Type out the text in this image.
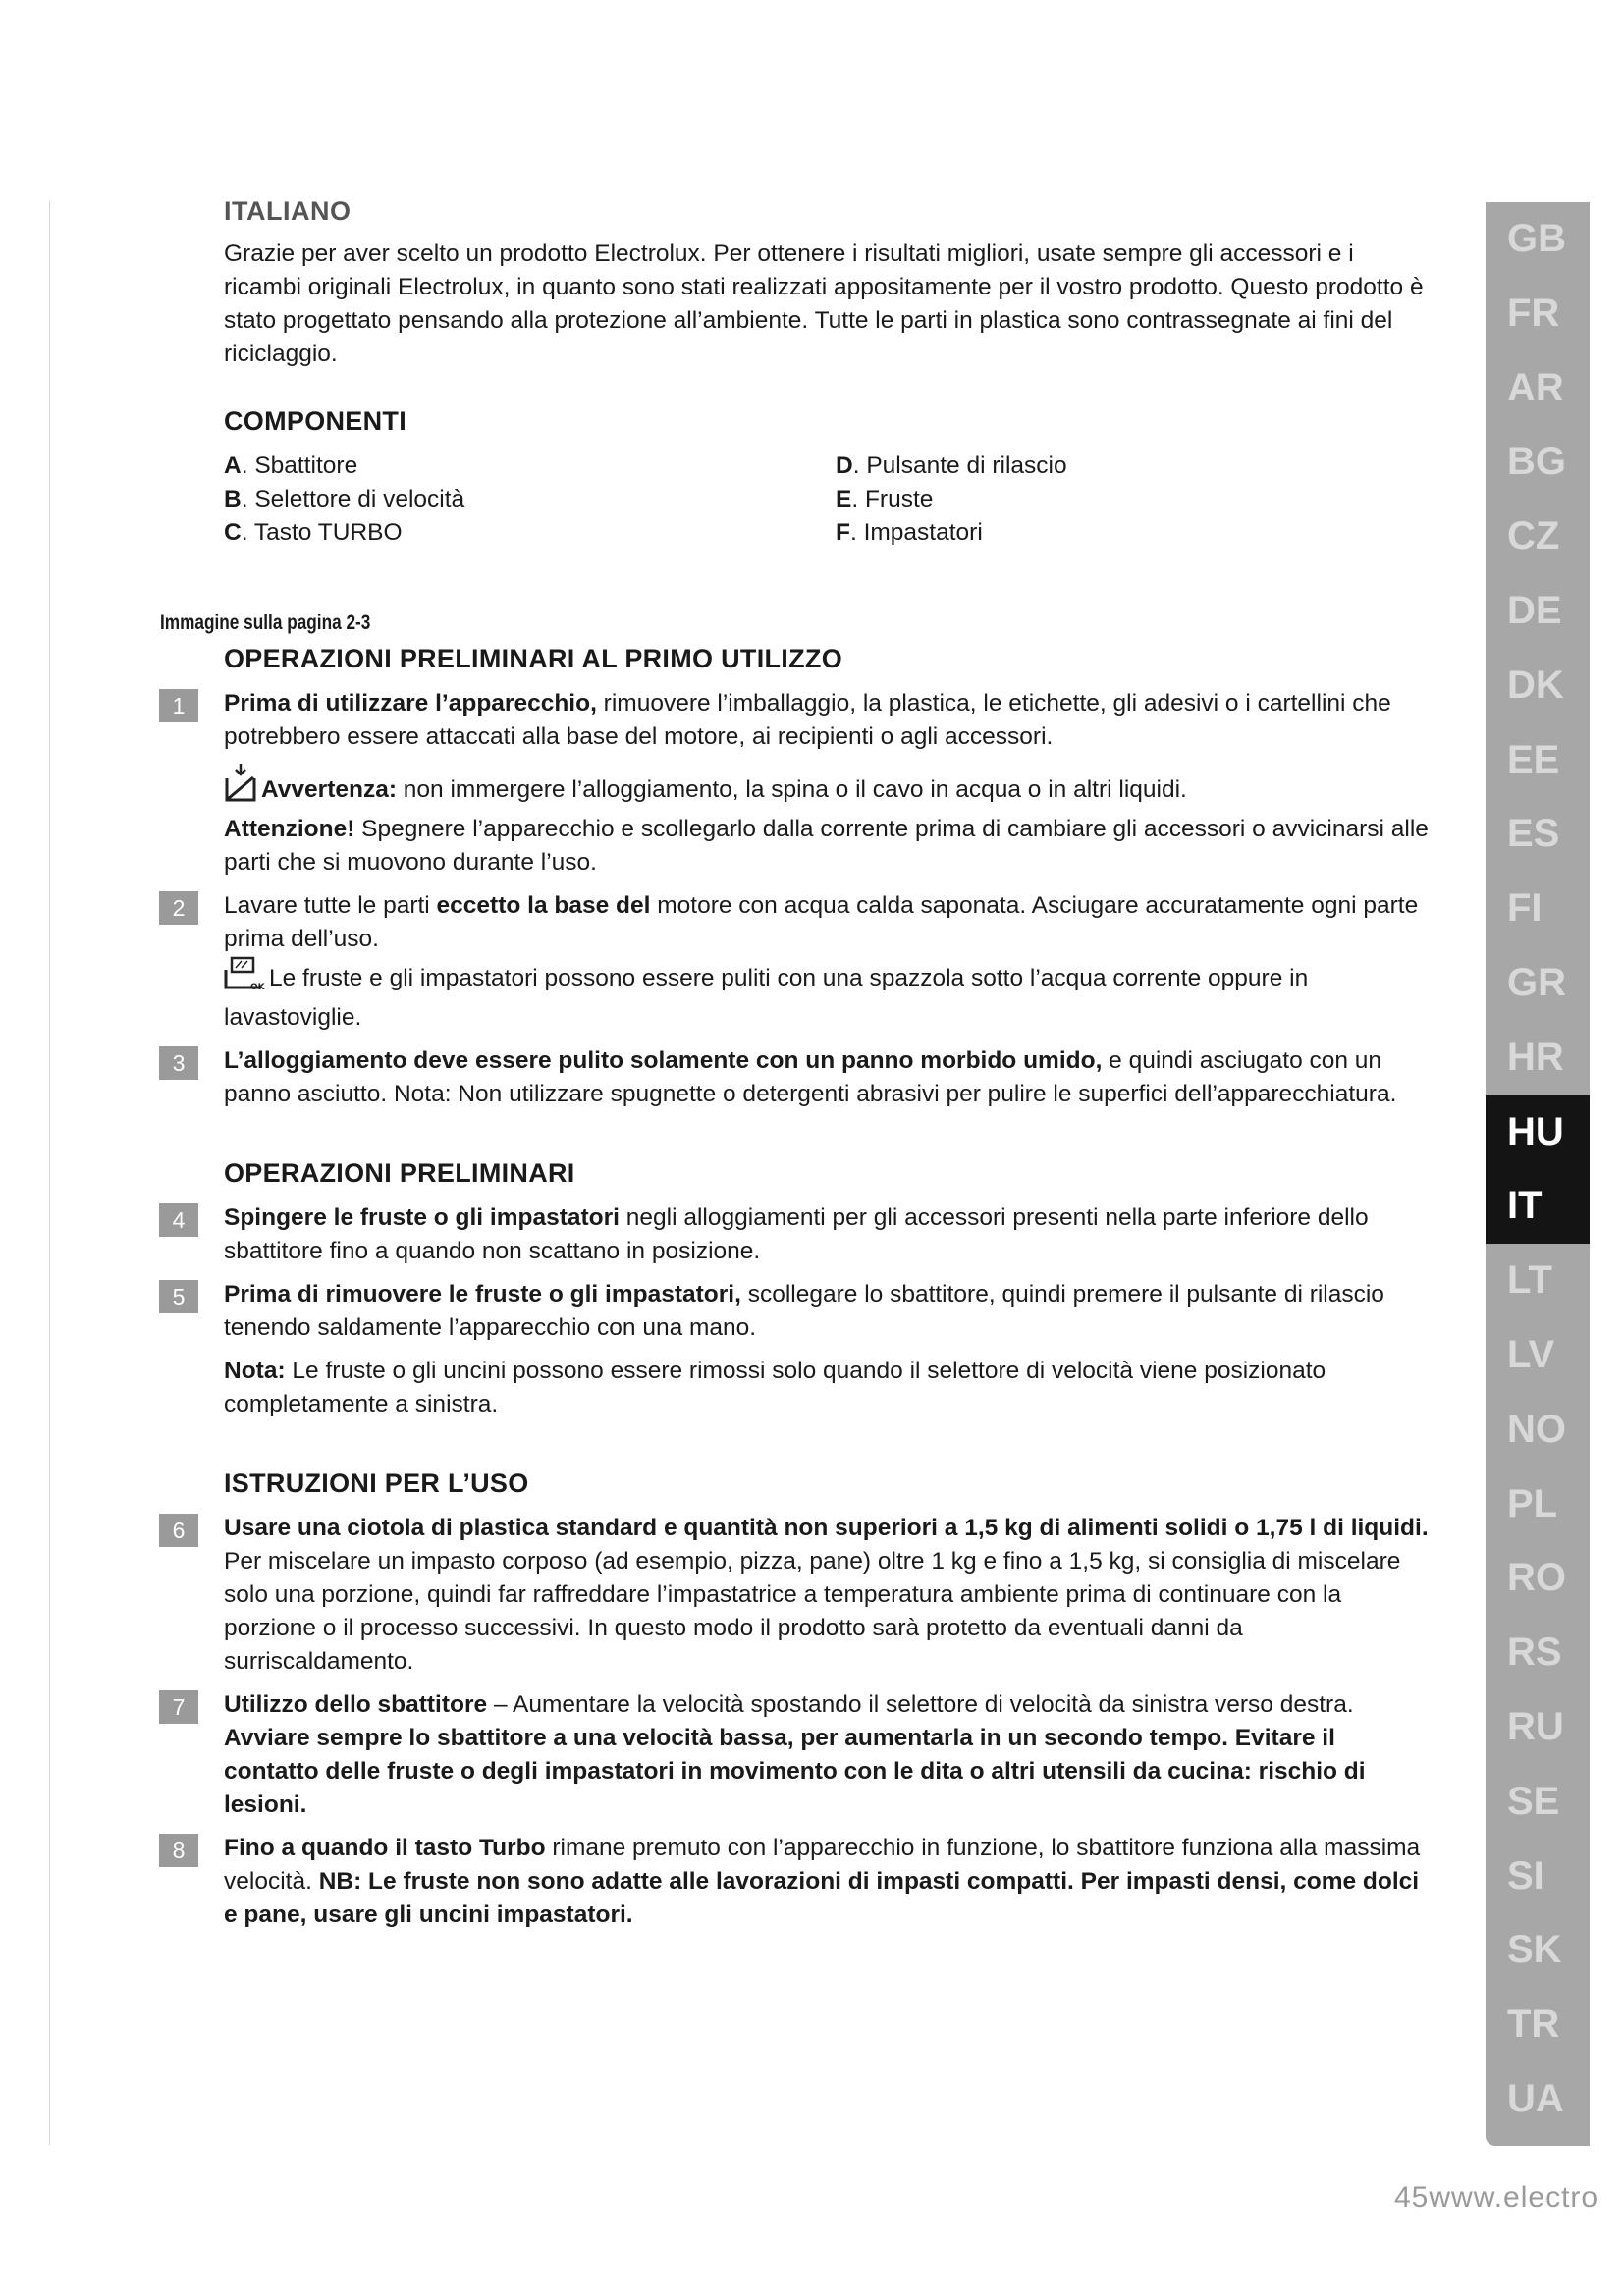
ITALIANO

Grazie per aver scelto un prodotto Electrolux. Per ottenere i risultati migliori, usate sempre gli accessori e i ricambi originali Electrolux, in quanto sono stati realizzati appositamente per il vostro prodotto. Questo prodotto è stato progettato pensando alla protezione all’ambiente. Tutte le parti in plastica sono contrassegnate ai fini del riciclaggio.

COMPONENTI
A. Sbattitore	D. Pulsante di rilascio
B. Selettore di velocità	E. Fruste
C. Tasto TURBO	F. Impastatori
OPERAZIONI PRELIMINARI AL PRIMO UTILIZZO
1	Prima di utilizzare l’apparecchio, rimuovere l’imballaggio, la plastica, le etichette, gli adesivi o i cartellini che potrebbero essere attaccati alla base del motore, ai recipienti o agli accessori.

Avvertenza: non immergere l’alloggiamento, la spina o il cavo in acqua o in altri liquidi.

Attenzione! Spegnere l’apparecchio e scollegarlo dalla corrente prima di cambiare gli accessori o avvicinarsi alle parti che si muovono durante l’uso.

2	Lavare tutte le parti eccetto la base del motore con acqua calda saponata. Asciugare accuratamente ogni parte prima dell’uso.

OK Le fruste e gli impastatori possono essere puliti con una spazzola sotto l’acqua corrente oppure in lavastoviglie.

3	L’alloggiamento deve essere pulito solamente con un panno morbido umido, e quindi asciugato con un panno asciutto. Nota: Non utilizzare spugnette o detergenti abrasivi per pulire le superfici dell’apparecchiatura.

OPERAZIONI PRELIMINARI
4	Spingere le fruste o gli impastatori negli alloggiamenti per gli accessori presenti nella parte inferiore dello sbattitore fino a quando non scattano in posizione.

5	Prima di rimuovere le fruste o gli impastatori, scollegare lo sbattitore, quindi premere il pulsante di rilascio tenendo saldamente l’apparecchio con una mano.

Nota: Le fruste o gli uncini possono essere rimossi solo quando il selettore di velocità viene posizionato completamente a sinistra.

ISTRUZIONI PER L’USO
6	Usare una ciotola di plastica standard e quantità non superiori a 1,5 kg di alimenti solidi o 1,75 l di liquidi. Per miscelare un impasto corposo (ad esempio, pizza, pane) oltre 1 kg e fino a 1,5 kg, si consiglia di miscelare solo una porzione, quindi far raffreddare l’impastatrice a temperatura ambiente prima di continuare con la porzione o il processo successivi. In questo modo il prodotto sarà protetto da eventuali danni da surriscaldamento.

7	Utilizzo dello sbattitore – Aumentare la velocità spostando il selettore di velocità da sinistra verso destra. Avviare sempre lo sbattitore a una velocità bassa, per aumentarla in un secondo tempo. Evitare il contatto delle fruste o degli impastatori in movimento con le dita o altri utensili da cucina: rischio di lesioni.

8	Fino a quando il tasto Turbo rimane premuto con l’apparecchio in funzione, lo sbattitore funziona alla massima velocità. NB: Le fruste non sono adatte alle lavorazioni di impasti compatti. Per impasti densi, come dolci e pane, usare gli uncini impastatori.

Immagine sulla pagina 2-3
GB
FR
AR
BG
CZ
DE
DK
EE
ES
FI
GR
HR
HU
IT
LT
LV
NO
PL
RO
RS
RU
SE
SI
SK
TR
UA
45www.electro
